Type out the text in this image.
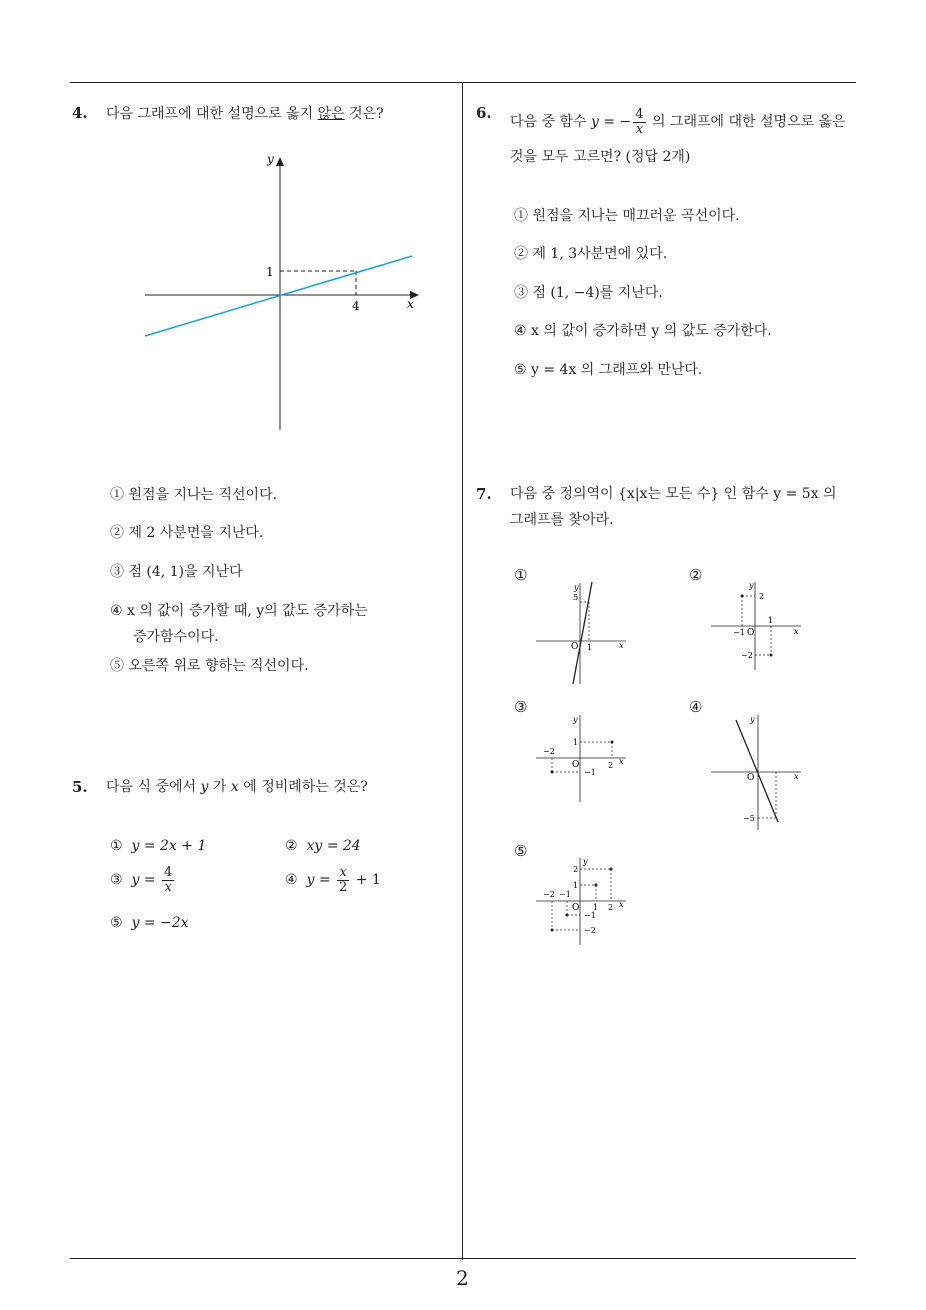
2
4. 다음 그래프에 대한 설명으로 옳지 않은 것은?
x
y
1
4
① 원점을 지나는 직선이다.
② 제 2 사분면을 지난다.
③ 점 (4, 1)을 지난다
④ x 의 값이 증가할 때, y의 값도 증가하는
증가함수이다.
⑤ 오른쪽 위로 향하는 직선이다.
5. 다음 식 중에서 y 가 x 에 정비례하는 것은?
① y = 2x + 1	② xy = 24
③ $y = \frac{4}{x}$	④ $y = \frac{x}{2} + 1$
⑤ y = −2x
6. 다음 중 함수 y = − $\frac{4}{x}$ 의 그래프에 대한 설명으로 옳은
것을 모두 고르면? (정답 2개)
① 원점을 지나는 매끄러운 곡선이다.
② 제 1, 3사분면에 있다.
③ 점 (1, −4)를 지난다.
④ x 의 값이 증가하면 y 의 값도 증가한다.
⑤ y = 4x 의 그래프와 만난다.
7. 다음 중 정의역이 {x|x는 모든 수} 인 함수 y = 5x 의
그래프를 찾아라.
①	②
③	④
⑤
y
5
O 1	x
y
2
1
−1 O	x
−2
y
1
−2
O	2 x
−1
y
O	x
−5
y
2
1
−2 −1
O 1 2 x
−1
−2
